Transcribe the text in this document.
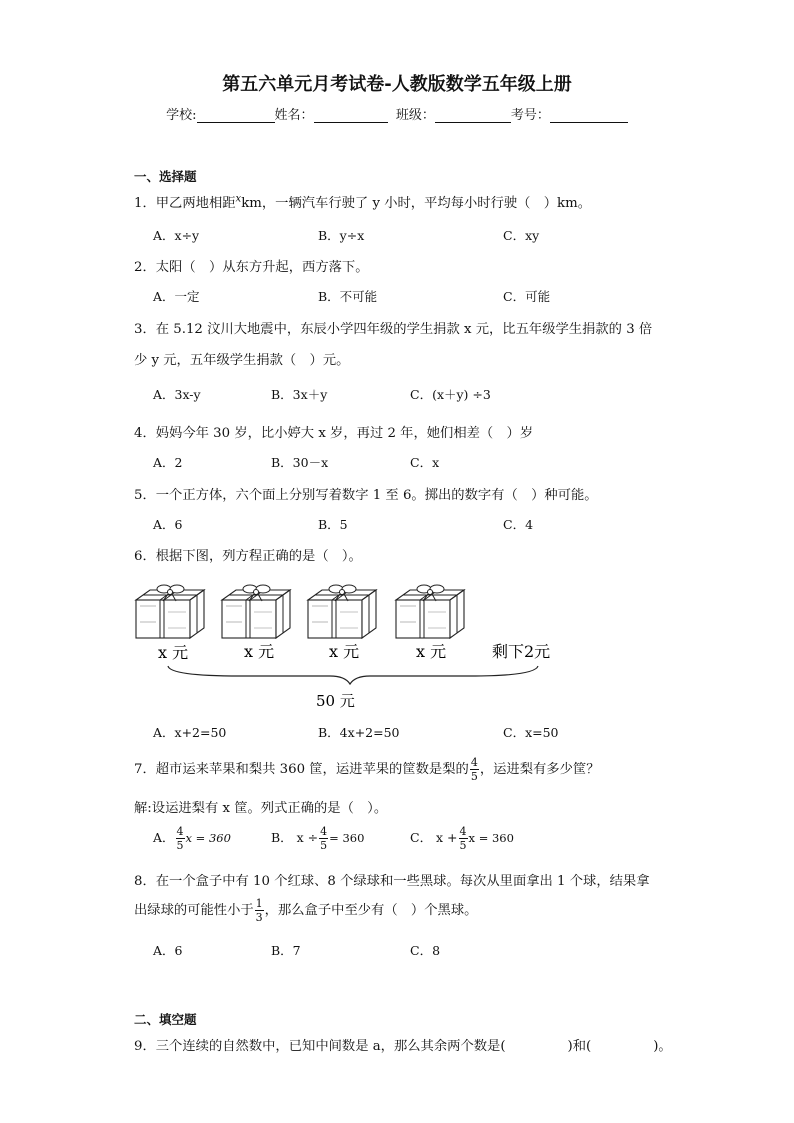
第五六单元月考试卷-人教版数学五年级上册
学校:	姓名：	班级：	考号：
一、选择题
1．甲乙两地相距$^x$km，一辆汽车行驶了 y 小时，平均每小时行驶（　）km。
A．x÷y	B．y÷x	C．xy
2．太阳（　）从东方升起，西方落下。
A．一定	B．不可能	C．可能
3．在 5.12 汶川大地震中，东辰小学四年级的学生捐款 x 元，比五年级学生捐款的 3 倍
少 y 元，五年级学生捐款（　）元。
A．3x-y	B．3x＋y	C．(x＋y) ÷3
4．妈妈今年 30 岁，比小婷大 x 岁，再过 2 年，她们相差（　）岁
A．2	B．30－x	C．x
5．一个正方体，六个面上分别写着数字 1 至 6。掷出的数字有（　）种可能。
A．6	B．5	C．4
6．根据下图，列方程正确的是（　）。
x 元	x 元	x 元	x 元	剩下2元
50 元
A．x+2=50	B．4x+2=50	C．x=50
7．超市运来苹果和梨共 360 筐，运进苹果的筐数是梨的 $\frac{4}{5}$ ，运进梨有多少筐？
解:设运进梨有 x 筐。列式正确的是（　）。
A． $\frac{4}{5}$ x = 360	B． $x \div \frac{4}{5} = 360$	C． $x + \frac{4}{5}$ x = 360
8．在一个盒子中有 10 个红球、8 个绿球和一些黑球。每次从里面拿出 1 个球，结果拿
出绿球的可能性小于 $\frac{1}{3}$ ，那么盒子中至少有（　）个黑球。
A．6	B．7	C．8
二、填空题
9．三个连续的自然数中，已知中间数是 a，那么其余两个数是(	)和(	)。
